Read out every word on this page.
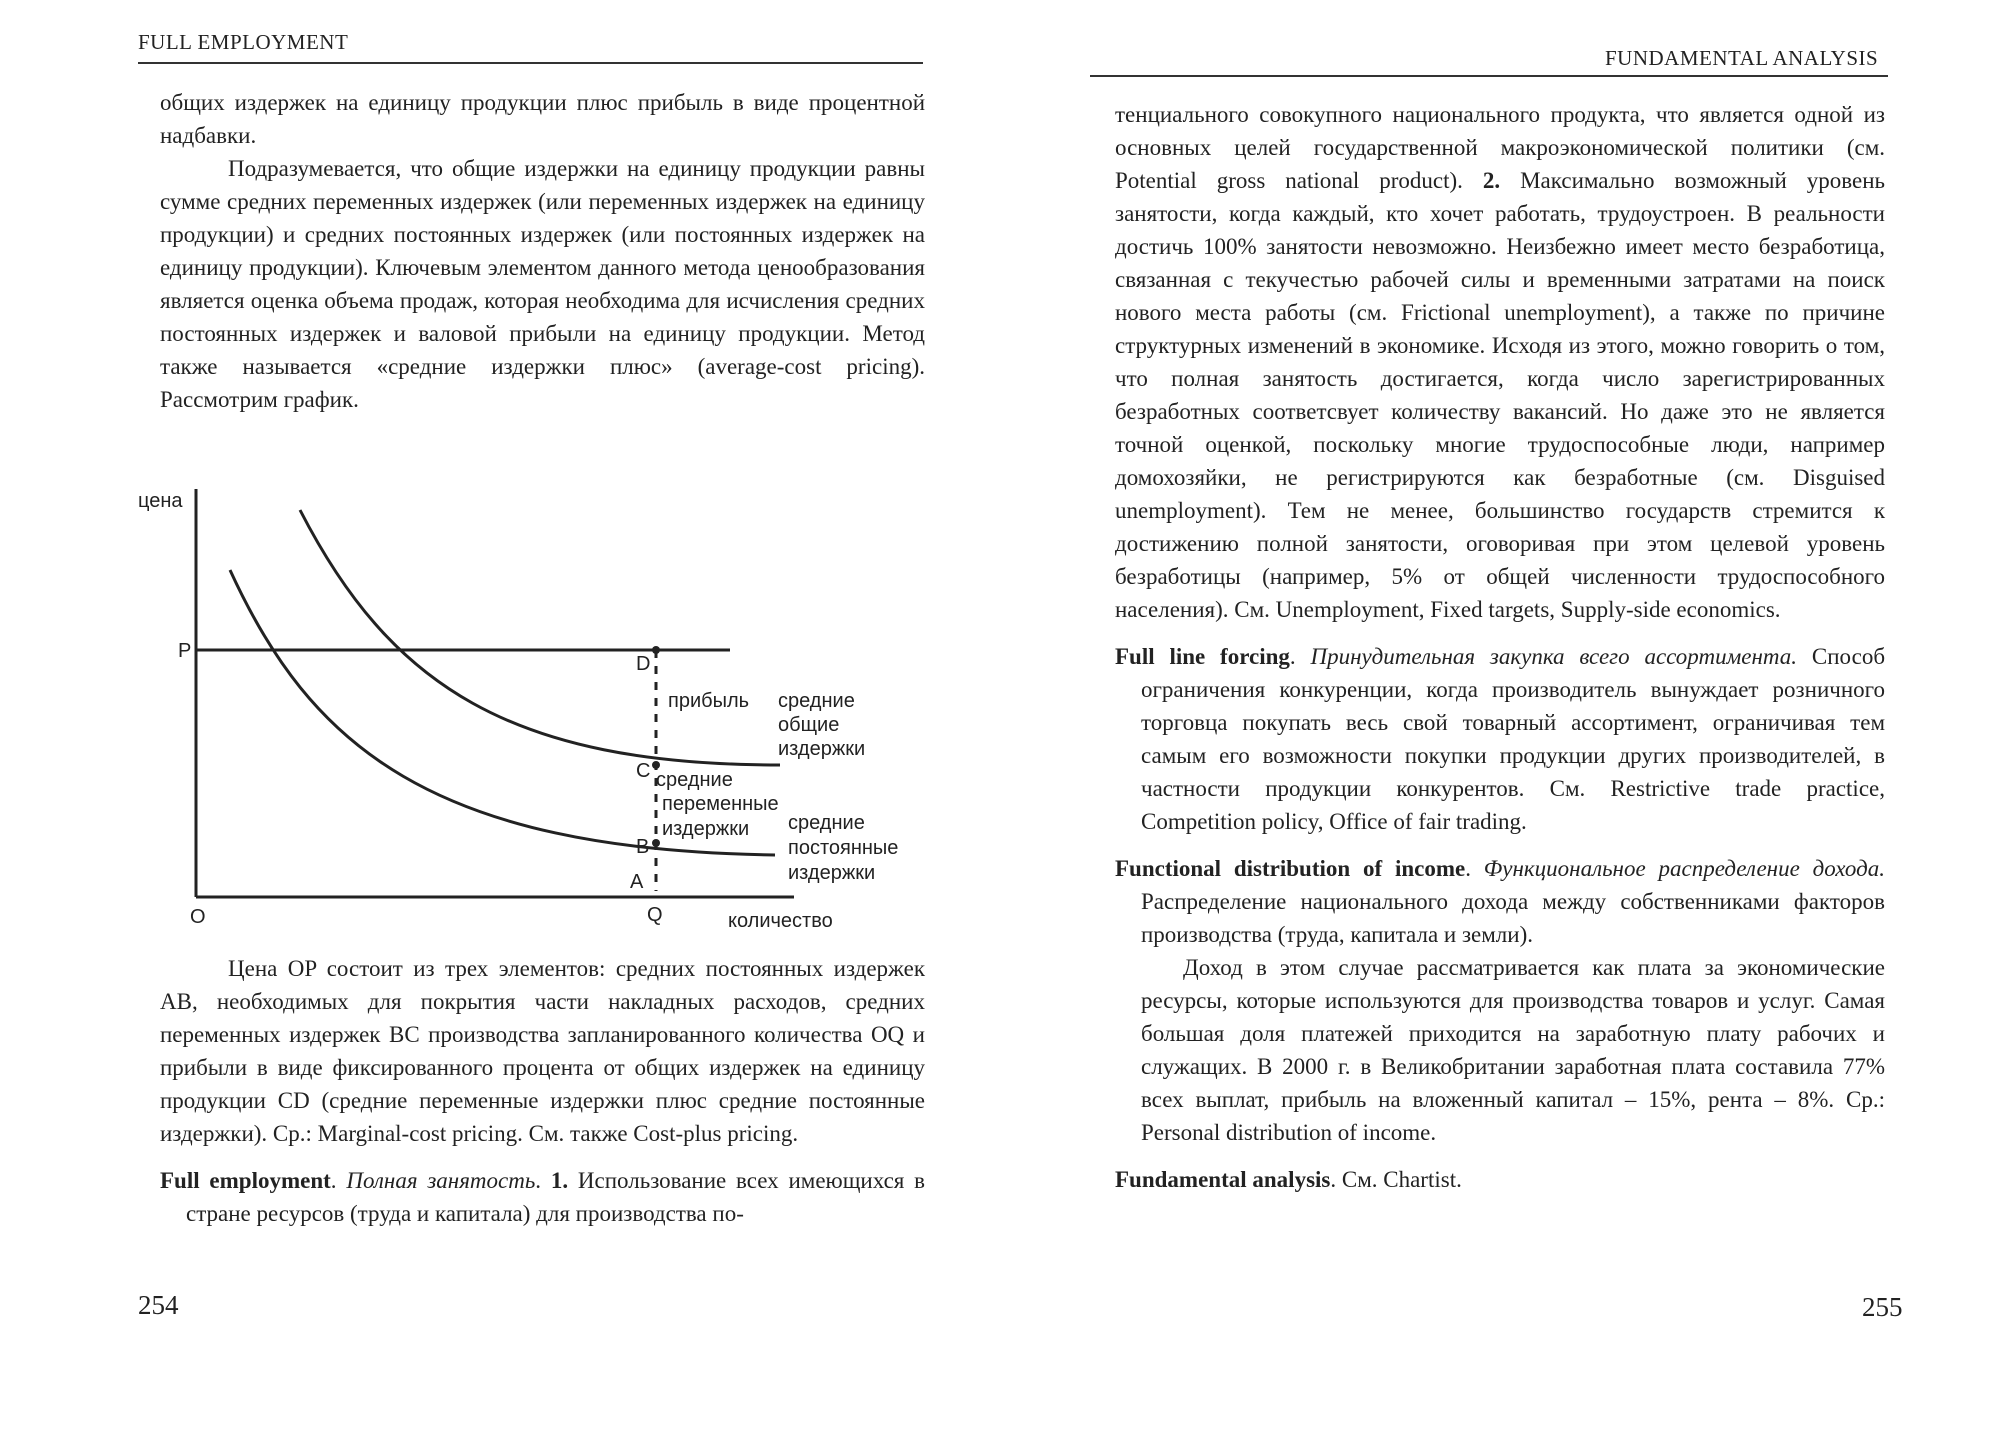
FULL EMPLOYMENT

общих издержек на единицу продукции плюс прибыль в виде процентной надбавки.

Подразумевается, что общие издержки на единицу продукции равны сумме средних переменных издержек (или переменных издержек на единицу продукции) и средних постоянных издержек (или постоянных издержек на единицу продукции). Ключевым элементом данного метода ценообразования является оценка объема продаж, которая необходима для исчисления средних постоянных издержек и валовой прибыли на единицу продукции. Метод также называется «средние издержки плюс» (average-cost pricing). Рассмотрим график.

цена
P
O	Q	количество
D
C
B
A
прибыль
средние
переменные
издержки
средние
общие
издержки
средние
постоянные
издержки

Цена OP состоит из трех элементов: средних постоянных издержек AB, необходимых для покрытия части накладных расходов, средних переменных издержек BC производства запланированного количества OQ и прибыли в виде фиксированного процента от общих издержек на единицу продукции CD (средние переменные издержки плюс средние постоянные издержки). Ср.: Marginal-cost pricing. См. также Cost-plus pricing.

Full employment. Полная занятость. 1. Использование всех имеющихся в стране ресурсов (труда и капитала) для производства по-

254
FUNDAMENTAL ANALYSIS

тенциального совокупного национального продукта, что является одной из основных целей государственной макроэкономической политики (см. Potential gross national product). 2. Максимально возможный уровень занятости, когда каждый, кто хочет работать, трудоустроен. В реальности достичь 100% занятости невозможно. Неизбежно имеет место безработица, связанная с текучестью рабочей силы и временными затратами на поиск нового места работы (см. Frictional unemployment), а также по причине структурных изменений в экономике. Исходя из этого, можно говорить о том, что полная занятость достигается, когда число зарегистрированных безработных соответсвует количеству вакансий. Но даже это не является точной оценкой, поскольку многие трудоспособные люди, например домохозяйки, не регистрируются как безработные (см. Disguised unemployment). Тем не менее, большинство государств стремится к достижению полной занятости, оговоривая при этом целевой уровень безработицы (например, 5% от общей численности трудоспособного населения). См. Unemployment, Fixed targets, Supply-side economics.

Full line forcing. Принудительная закупка всего ассортимента. Способ ограничения конкуренции, когда производитель вынуждает розничного торговца покупать весь свой товарный ассортимент, ограничивая тем самым его возможности покупки продукции других производителей, в частности продукции конкурентов. См. Restrictive trade practice, Competition policy, Office of fair trading.

Functional distribution of income. Функциональное распределение дохода. Распределение национального дохода между собственниками факторов производства (труда, капитала и земли).

Доход в этом случае рассматривается как плата за экономические ресурсы, которые используются для производства товаров и услуг. Самая большая доля платежей приходится на заработную плату рабочих и служащих. В 2000 г. в Великобритании заработная плата составила 77% всех выплат, прибыль на вложенный капитал – 15%, рента – 8%. Ср.: Personal distribution of income.

Fundamental analysis. См. Chartist.

255
